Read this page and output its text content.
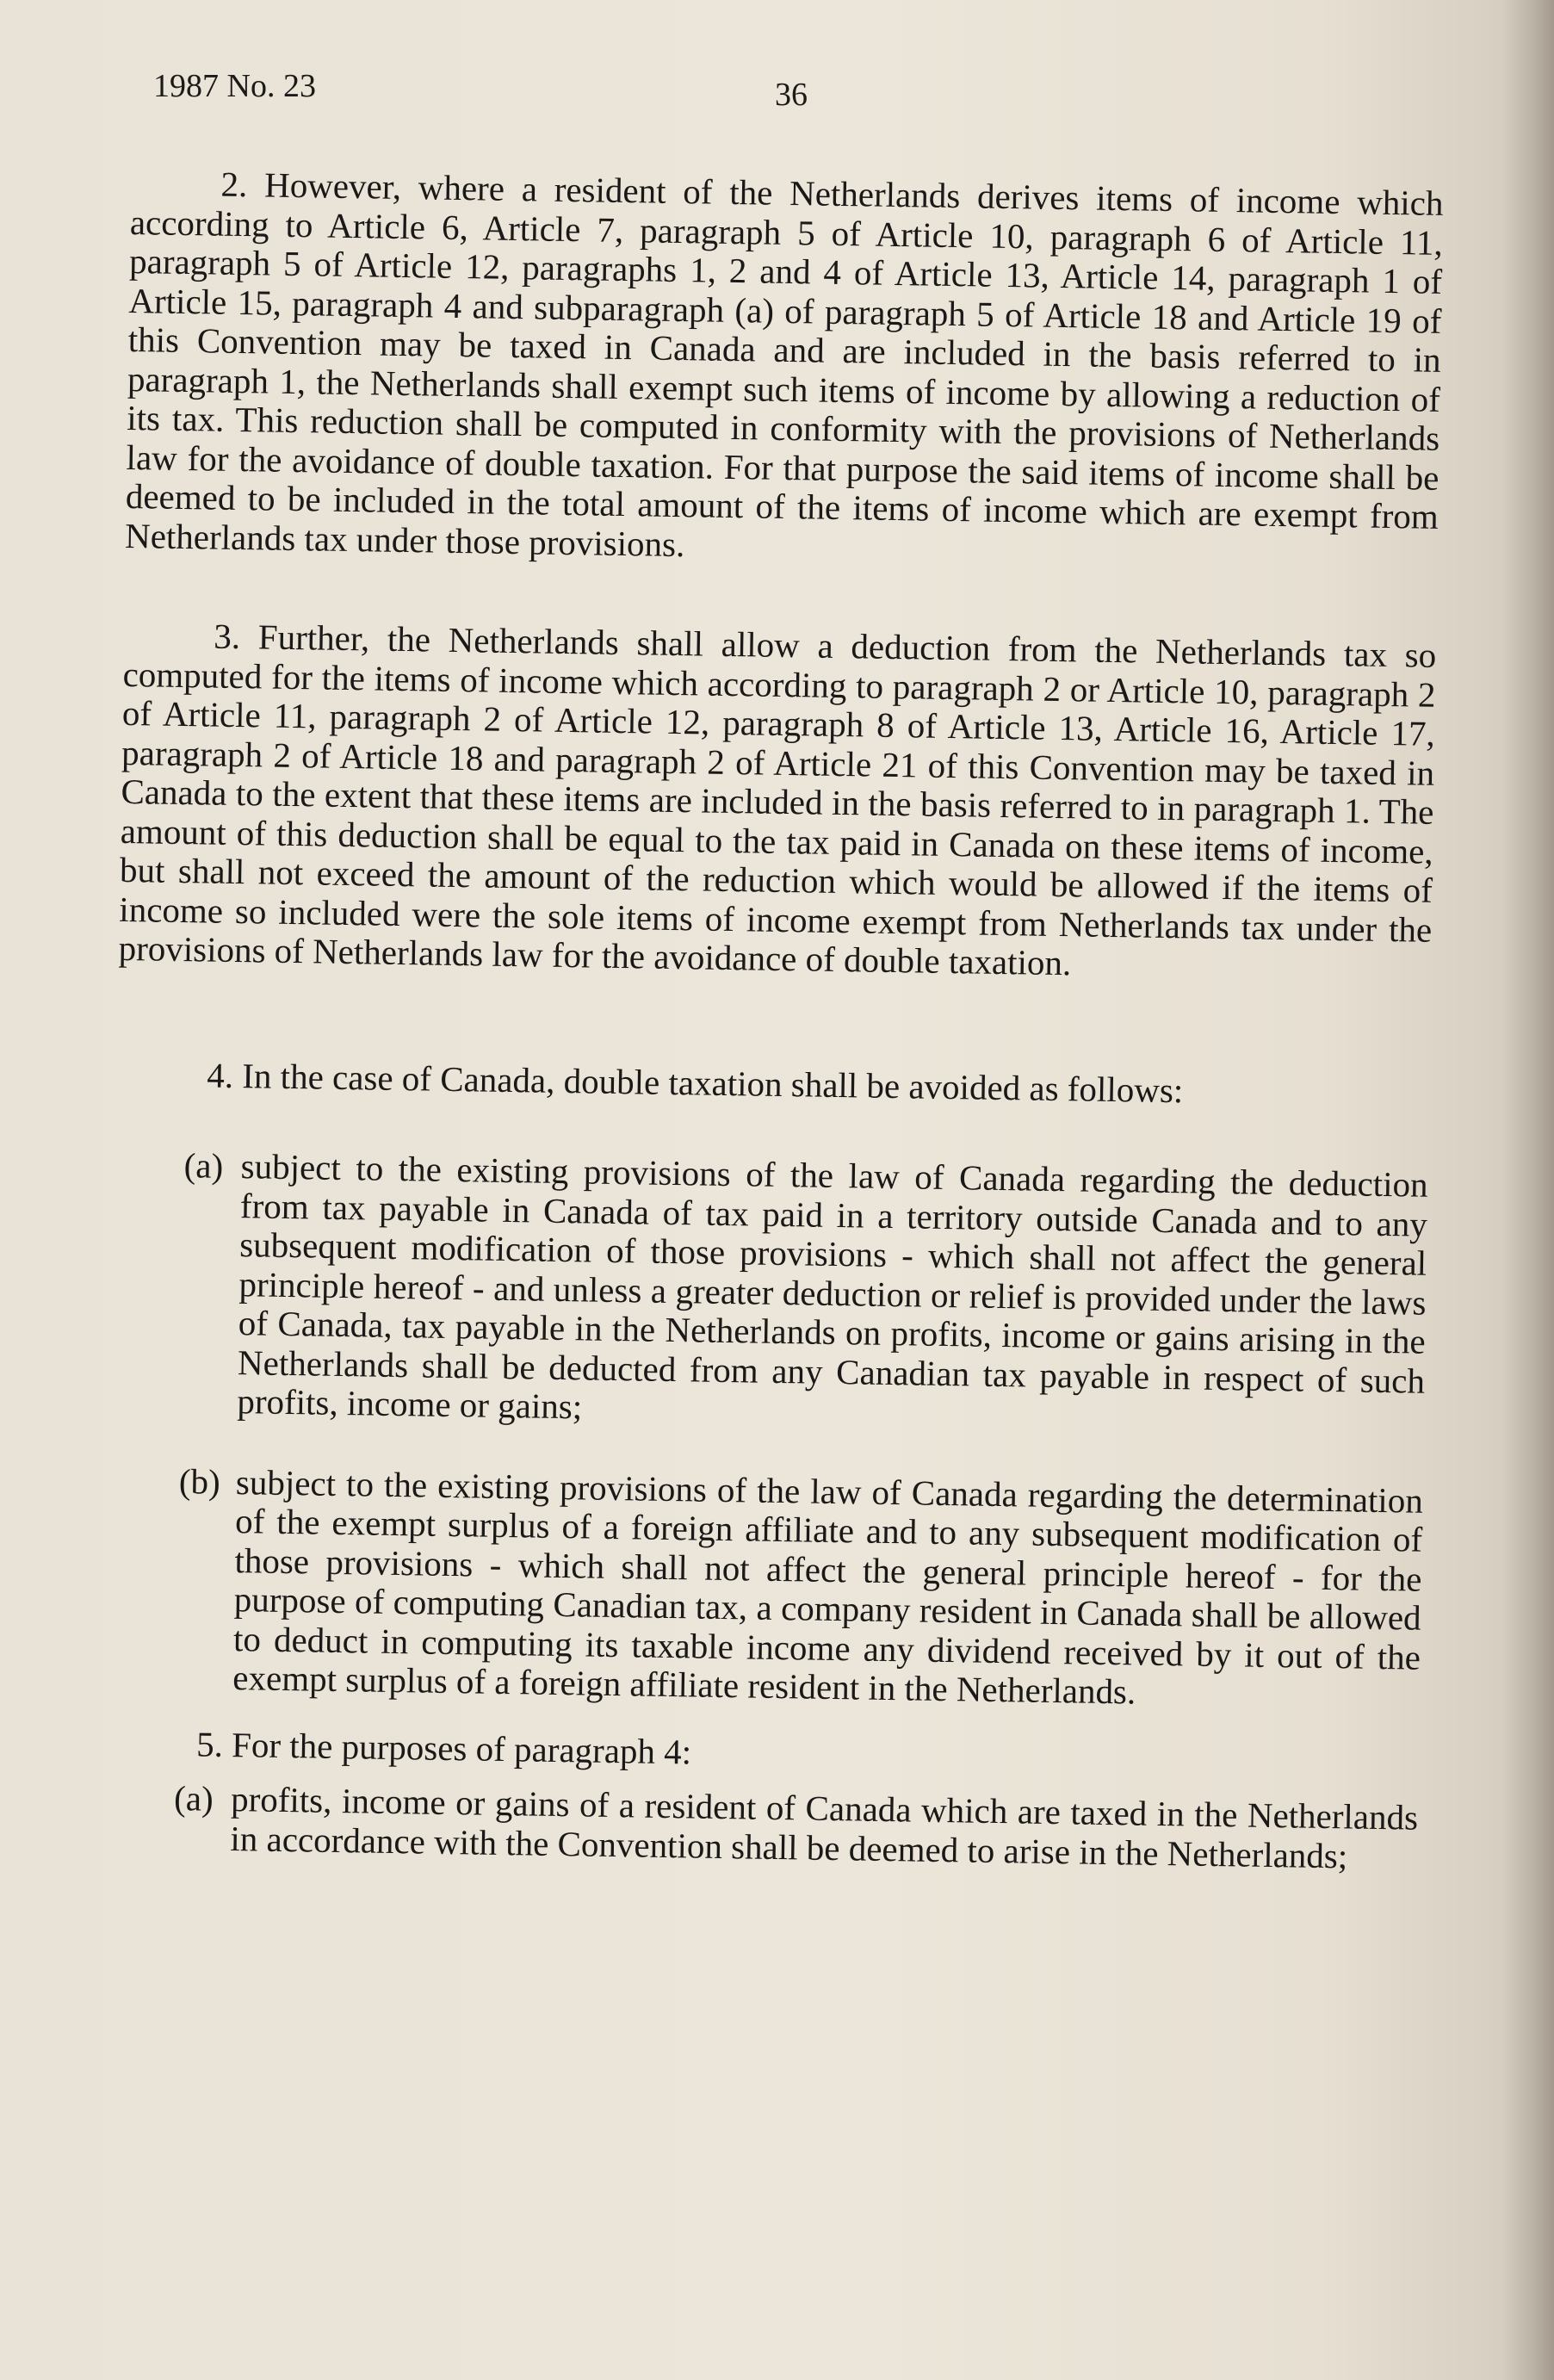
1987 No. 23	36

2. However, where a resident of the Netherlands derives items of income which according to Article 6, Article 7, paragraph 5 of Article 10, paragraph 6 of Article 11, paragraph 5 of Article 12, paragraphs 1, 2 and 4 of Article 13, Article 14, paragraph 1 of Article 15, paragraph 4 and subparagraph (a) of paragraph 5 of Article 18 and Article 19 of this Convention may be taxed in Canada and are included in the basis referred to in paragraph 1, the Netherlands shall exempt such items of income by allowing a reduction of its tax. This reduction shall be computed in conformity with the provisions of Netherlands law for the avoidance of double taxation. For that purpose the said items of income shall be deemed to be included in the total amount of the items of income which are exempt from Netherlands tax under those provisions.

3. Further, the Netherlands shall allow a deduction from the Netherlands tax so computed for the items of income which according to paragraph 2 or Article 10, paragraph 2 of Article 11, paragraph 2 of Article 12, paragraph 8 of Article 13, Article 16, Article 17, paragraph 2 of Article 18 and paragraph 2 of Article 21 of this Convention may be taxed in Canada to the extent that these items are included in the basis referred to in paragraph 1. The amount of this deduction shall be equal to the tax paid in Canada on these items of income, but shall not exceed the amount of the reduction which would be allowed if the items of income so included were the sole items of income exempt from Netherlands tax under the provisions of Netherlands law for the avoidance of double taxation.

4. In the case of Canada, double taxation shall be avoided as follows:

(a) subject to the existing provisions of the law of Canada regarding the deduction from tax payable in Canada of tax paid in a territory outside Canada and to any subsequent modification of those provisions - which shall not affect the general principle hereof - and unless a greater deduction or relief is provided under the laws of Canada, tax payable in the Netherlands on profits, income or gains arising in the Netherlands shall be deducted from any Canadian tax payable in respect of such profits, income or gains;

(b) subject to the existing provisions of the law of Canada regarding the determination of the exempt surplus of a foreign affiliate and to any subsequent modification of those provisions - which shall not affect the general principle hereof - for the purpose of computing Canadian tax, a company resident in Canada shall be allowed to deduct in computing its taxable income any dividend received by it out of the exempt surplus of a foreign affiliate resident in the Netherlands.

5. For the purposes of paragraph 4:

(a) profits, income or gains of a resident of Canada which are taxed in the Netherlands in accordance with the Convention shall be deemed to arise in the Netherlands;
